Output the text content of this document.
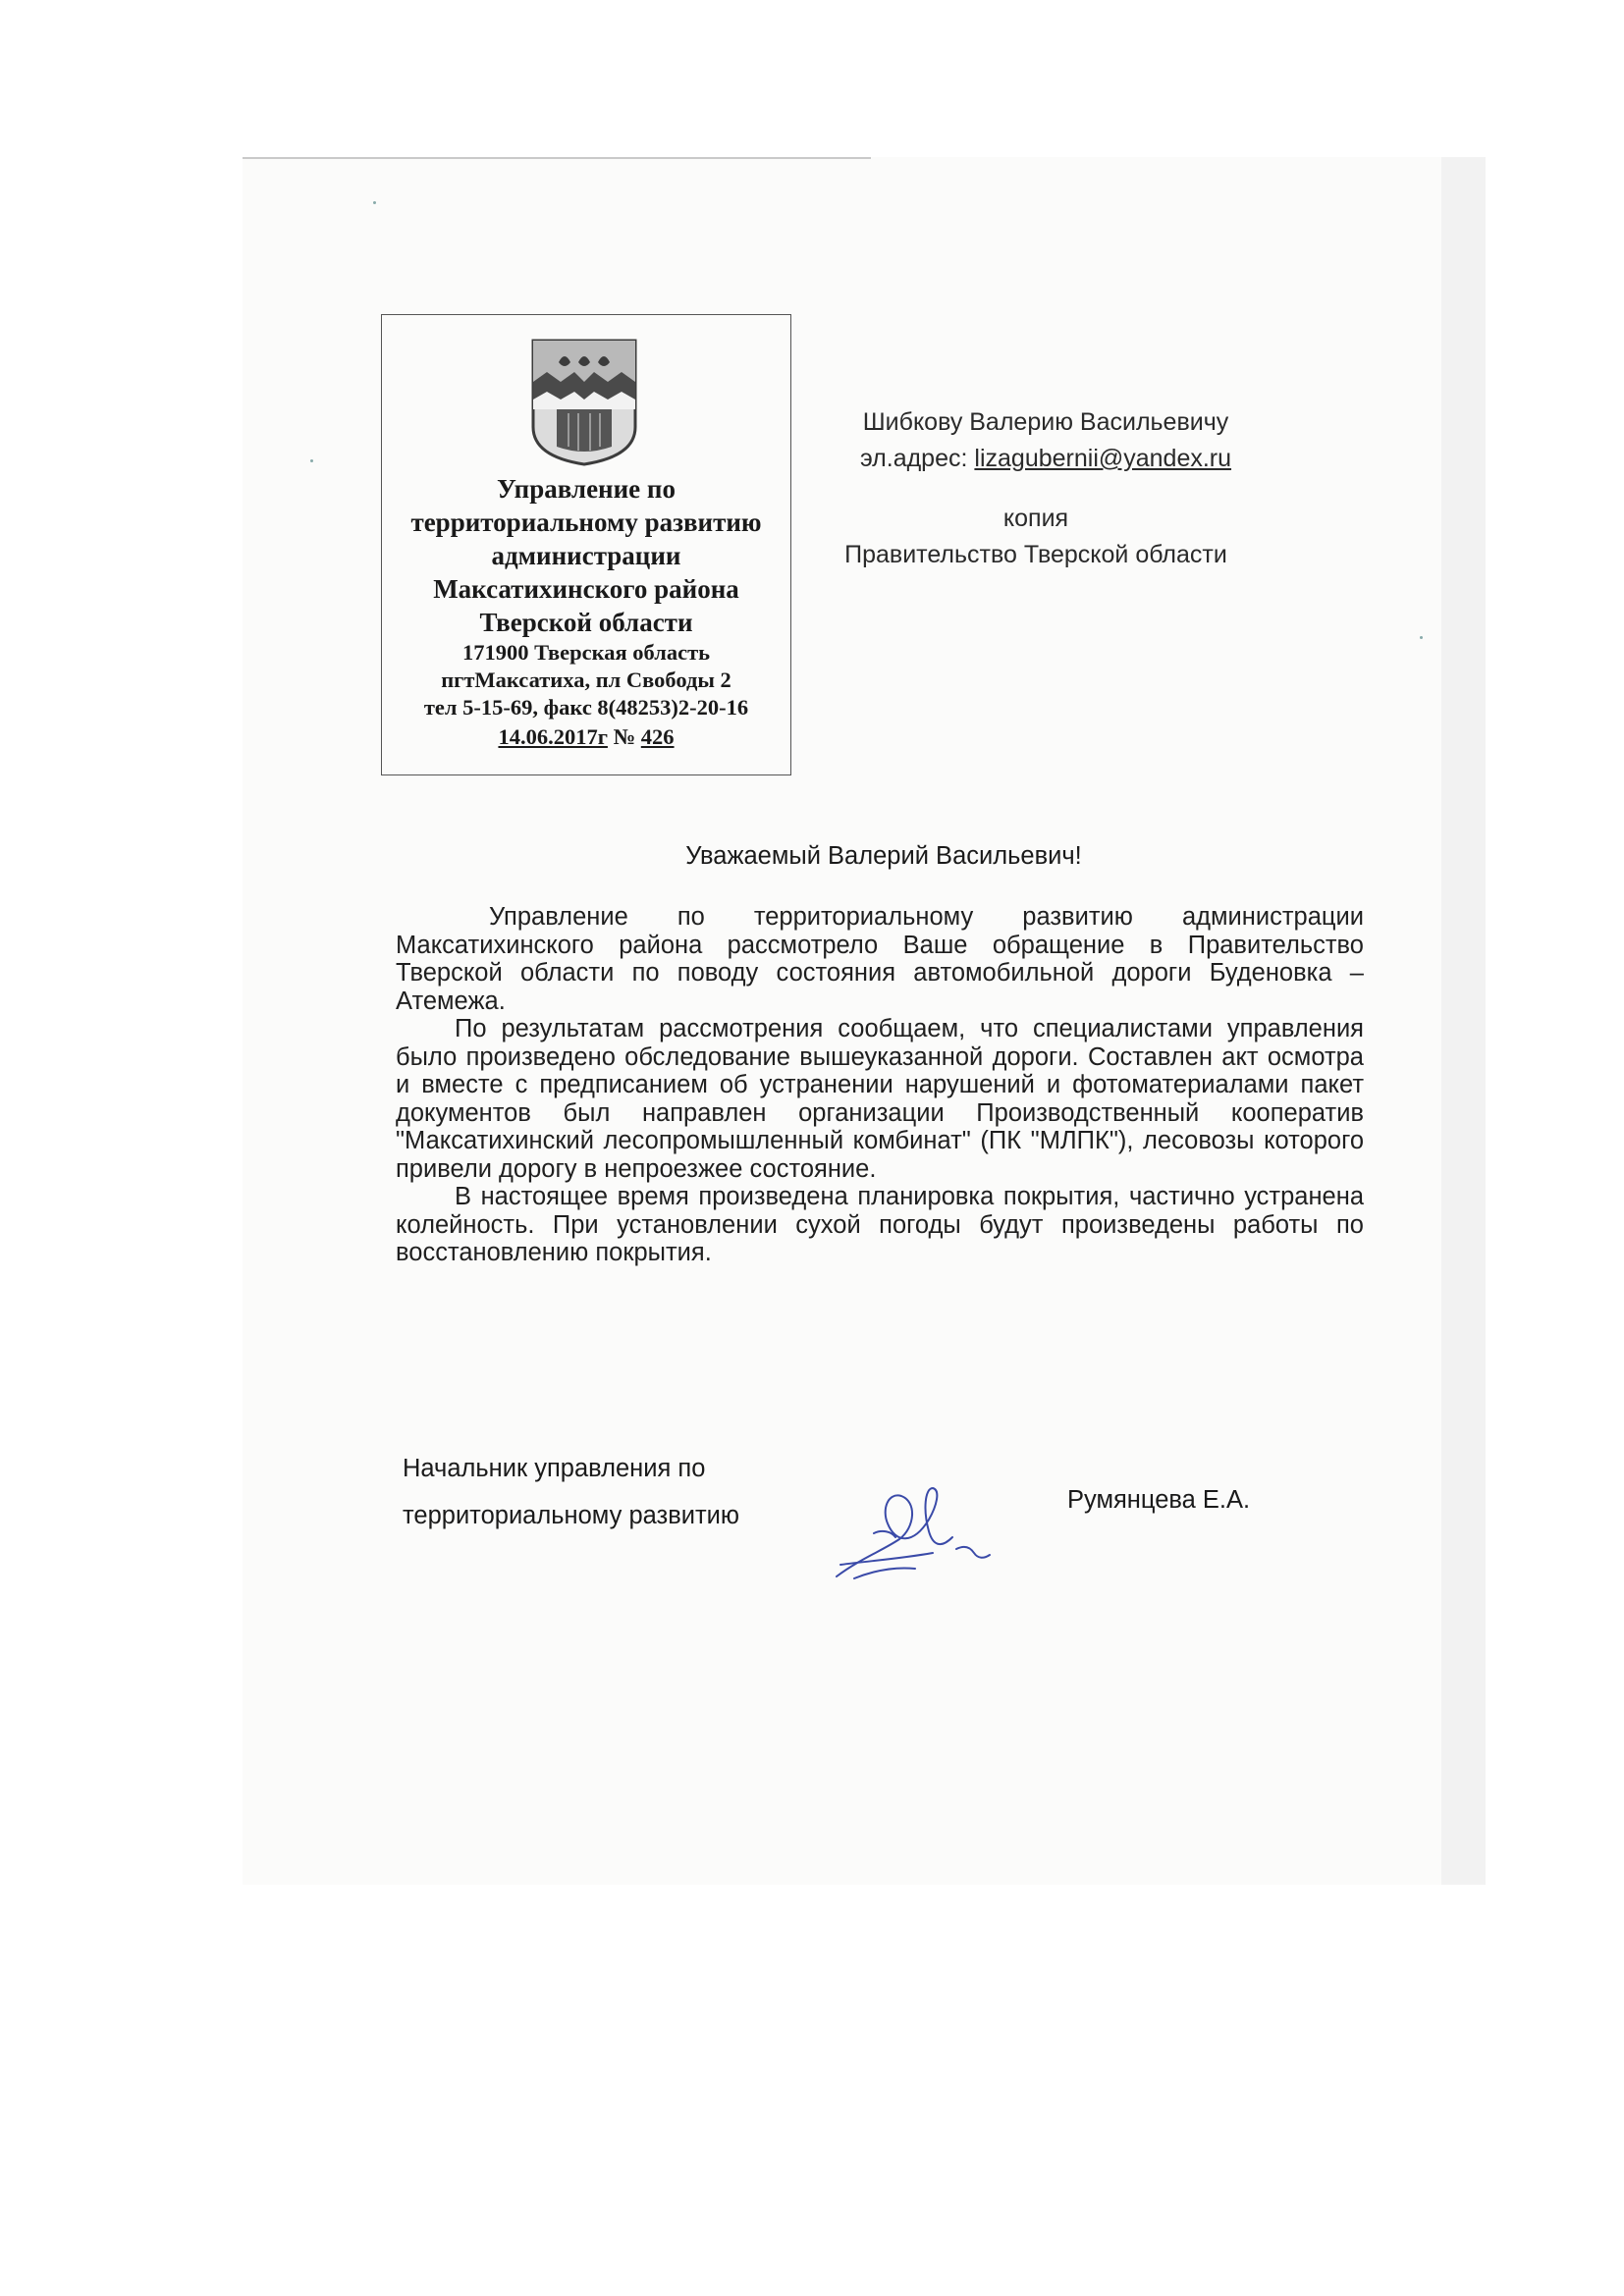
Управление по
территориальному развитию
администрации
Максатихинского района
Тверской области
171900 Тверская область
пгтМаксатиха, пл Свободы 2
тел 5-15-69, факс 8(48253)2-20-16
14.06.2017г № 426
Шибкову Валерию Васильевичу
эл.адрес: lizagubernii@yandex.ru
копия
Правительство Тверской области
Уважаемый Валерий Васильевич!

Управление по территориальному развитию администрации Максатихинского района рассмотрело Ваше обращение в Правительство Тверской области по поводу состояния автомобильной дороги Буденовка – Атемежа.

По результатам рассмотрения сообщаем, что специалистами управления было произведено обследование вышеуказанной дороги. Составлен акт осмотра и вместе с предписанием об устранении нарушений и фотоматериалами пакет документов был направлен организации Производственный кооператив "Максатихинский лесопромышленный комбинат" (ПК "МЛПК"), лесовозы которого привели дорогу в непроезжее состояние.

В настоящее время произведена планировка покрытия, частично устранена колейность. При установлении сухой погоды будут произведены работы по восстановлению покрытия.

Начальник управления по
территориальному развитию
Румянцева Е.А.
